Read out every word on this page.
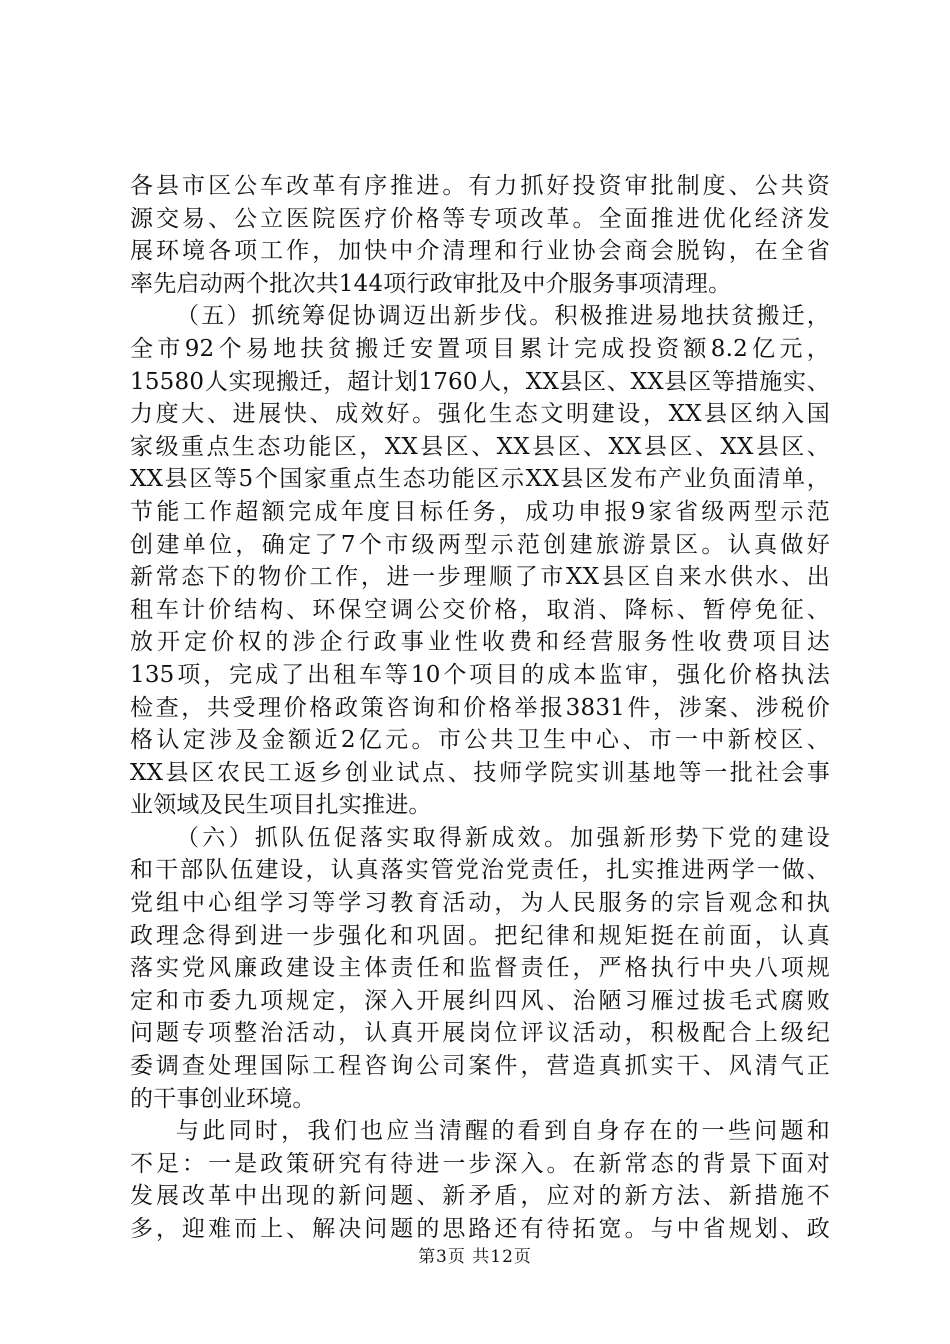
各县市区公车改革有序推进。有力抓好投资审批制度、公共资
源交易、公立医院医疗价格等专项改革。全面推进优化经济发
展环境各项工作，加快中介清理和行业协会商会脱钩，在全省
率先启动两个批次共144项行政审批及中介服务事项清理。
（五）抓统筹促协调迈出新步伐。积极推进易地扶贫搬迁，
全市92个易地扶贫搬迁安置项目累计完成投资额8.2亿元，
15580人实现搬迁，超计划1760人，XX县区、XX县区等措施实、
力度大、进展快、成效好。强化生态文明建设，XX县区纳入国
家级重点生态功能区，XX县区、XX县区、XX县区、XX县区、
XX县区等5个国家重点生态功能区示XX县区发布产业负面清单，
节能工作超额完成年度目标任务，成功申报9家省级两型示范
创建单位，确定了7个市级两型示范创建旅游景区。认真做好
新常态下的物价工作，进一步理顺了市XX县区自来水供水、出
租车计价结构、环保空调公交价格，取消、降标、暂停免征、
放开定价权的涉企行政事业性收费和经营服务性收费项目达
135项，完成了出租车等10个项目的成本监审，强化价格执法
检查，共受理价格政策咨询和价格举报3831件，涉案、涉税价
格认定涉及金额近2亿元。市公共卫生中心、市一中新校区、
XX县区农民工返乡创业试点、技师学院实训基地等一批社会事
业领域及民生项目扎实推进。
（六）抓队伍促落实取得新成效。加强新形势下党的建设
和干部队伍建设，认真落实管党治党责任，扎实推进两学一做、
党组中心组学习等学习教育活动，为人民服务的宗旨观念和执
政理念得到进一步强化和巩固。把纪律和规矩挺在前面，认真
落实党风廉政建设主体责任和监督责任，严格执行中央八项规
定和市委九项规定，深入开展纠四风、治陋习雁过拔毛式腐败
问题专项整治活动，认真开展岗位评议活动，积极配合上级纪
委调查处理国际工程咨询公司案件，营造真抓实干、风清气正
的干事创业环境。
与此同时，我们也应当清醒的看到自身存在的一些问题和
不足：一是政策研究有待进一步深入。在新常态的背景下面对
发展改革中出现的新问题、新矛盾，应对的新方法、新措施不
多，迎难而上、解决问题的思路还有待拓宽。与中省规划、政
第3页 共12页
